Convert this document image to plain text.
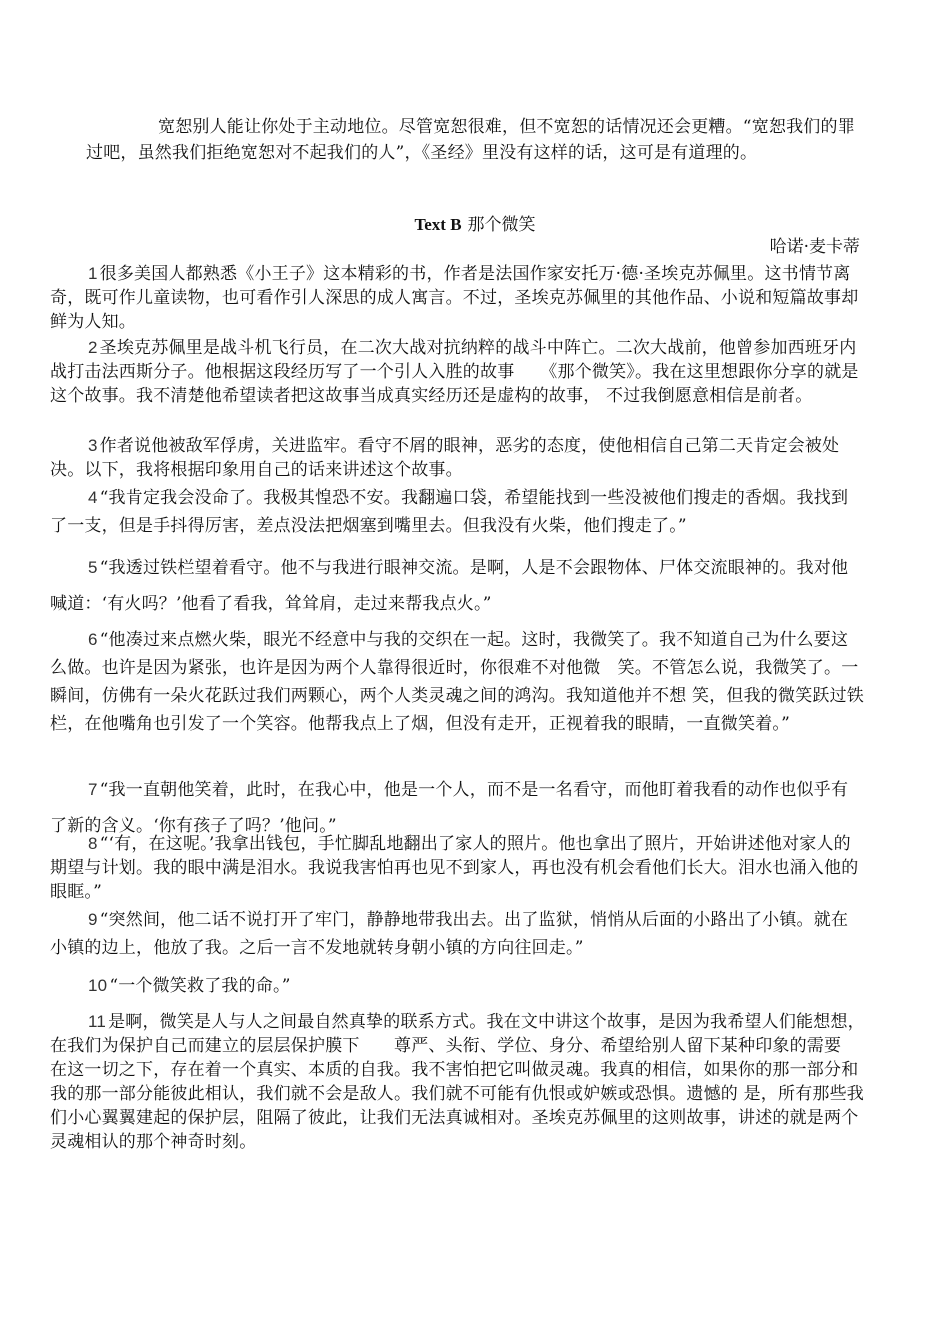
宽恕别人能让你处于主动地位。尽管宽恕很难，但不宽恕的话情况还会更糟。“宽恕我们的罪过吧，虽然我们拒绝宽恕对不起我们的人”，《圣经》里没有这样的话，这可是有道理的。

Text B 那个微笑
哈诺·麦卡蒂

1 很多美国人都熟悉《小王子》这本精彩的书，作者是法国作家安托万·德·圣埃克苏佩里。这书情节离奇，既可作儿童读物，也可看作引人深思的成人寓言。不过，圣埃克苏佩里的其他作品、小说和短篇故事却鲜为人知。

2 圣埃克苏佩里是战斗机飞行员，在二次大战对抗纳粹的战斗中阵亡。二次大战前，他曾参加西班牙内战打击法西斯分子。他根据这段经历写了一个引人入胜的故事　　《那个微笑》。我在这里想跟你分享的就是这个故事。我不清楚他希望读者把这故事当成真实经历还是虚构的故事， 不过我倒愿意相信是前者。

3 作者说他被敌军俘虏，关进监牢。看守不屑的眼神，恶劣的态度，使他相信自己第二天肯定会被处决。以下，我将根据印象用自己的话来讲述这个故事。

4 “我肯定我会没命了。我极其惶恐不安。我翻遍口袋，希望能找到一些没被他们搜走的香烟。我找到了一支，但是手抖得厉害，差点没法把烟塞到嘴里去。但我没有火柴，他们搜走了。”

5 “我透过铁栏望着看守。他不与我进行眼神交流。是啊，人是不会跟物体、尸体交流眼神的。我对他喊道：‘有火吗？’他看了看我，耸耸肩，走过来帮我点火。”

6 “他凑过来点燃火柴，眼光不经意中与我的交织在一起。这时，我微笑了。我不知道自己为什么要这么做。也许是因为紧张，也许是因为两个人靠得很近时，你很难不对他微　笑。不管怎么说，我微笑了。一瞬间，仿佛有一朵火花跃过我们两颗心，两个人类灵魂之间的鸿沟。我知道他并不想 笑，但我的微笑跃过铁栏，在他嘴角也引发了一个笑容。他帮我点上了烟，但没有走开，正视着我的眼睛，一直微笑着。”

7 “我一直朝他笑着，此时，在我心中，他是一个人，而不是一名看守，而他盯着我看的动作也似乎有了新的含义。‘你有孩子了吗？’他问。”

8 “‘有，在这呢。’我拿出钱包，手忙脚乱地翻出了家人的照片。他也拿出了照片，开始讲述他对家人的期望与计划。我的眼中满是泪水。我说我害怕再也见不到家人，再也没有机会看他们长大。泪水也涌入他的眼眶。”

9 “突然间，他二话不说打开了牢门，静静地带我出去。出了监狱，悄悄从后面的小路出了小镇。就在小镇的边上，他放了我。之后一言不发地就转身朝小镇的方向往回走。”

10 “一个微笑救了我的命。”

11 是啊，微笑是人与人之间最自然真挚的联系方式。我在文中讲这个故事，是因为我希望人们能想想，在我们为保护自己而建立的层层保护膜下　　尊严、头衔、学位、身分、希望给别人留下某种印象的需要　　在这一切之下，存在着一个真实、本质的自我。我不害怕把它叫做灵魂。我真的相信，如果你的那一部分和我的那一部分能彼此相认，我们就不会是敌人。我们就不可能有仇恨或妒嫉或恐惧。遗憾的 是，所有那些我们小心翼翼建起的保护层，阻隔了彼此，让我们无法真诚相对。圣埃克苏佩里的这则故事，讲述的就是两个灵魂相认的那个神奇时刻。
